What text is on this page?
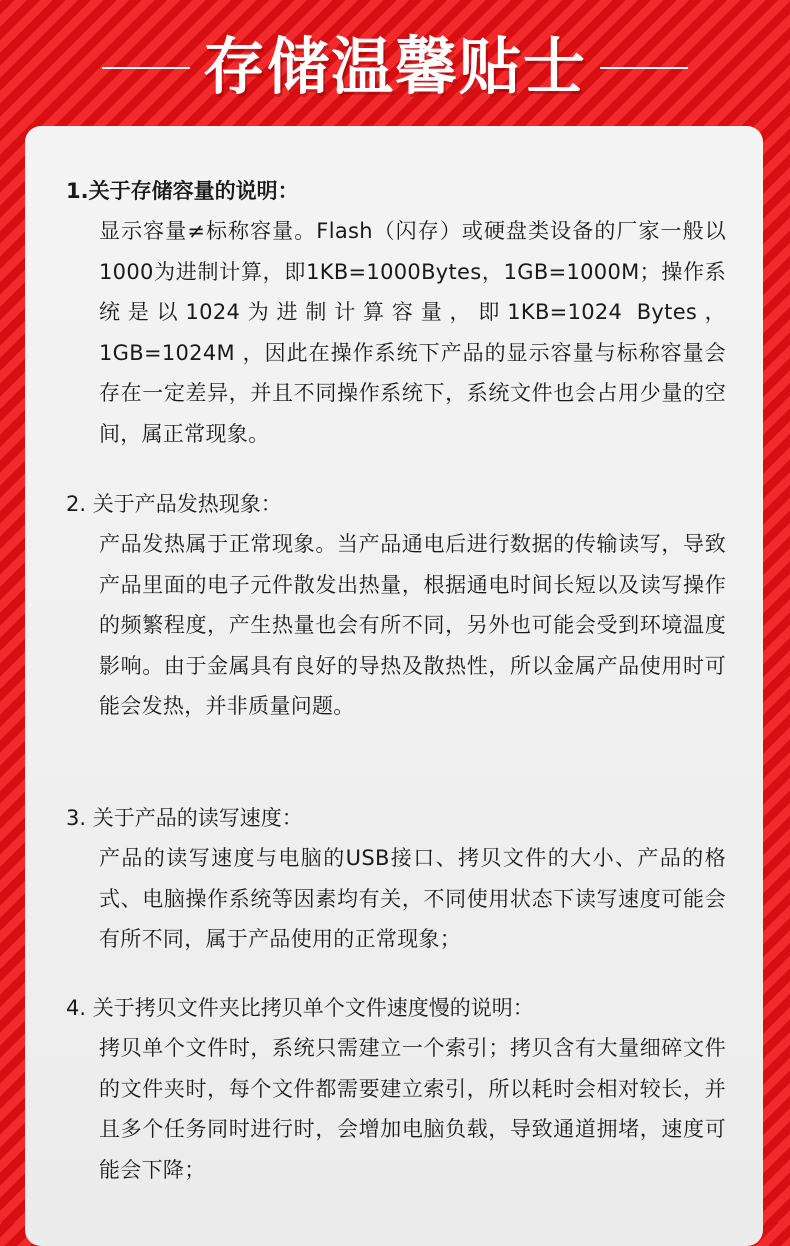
存储温馨贴士
1.关于存储容量的说明：
显示容量≠标称容量。Flash（闪存）或硬盘类设备的厂家一般以1000为进制计算，即1KB=1000Bytes，1GB=1000M；操作系统是以1024为进制计算容量，即1KB=1024 Bytes，1GB=1024M ，因此在操作系统下产品的显示容量与标称容量会存在一定差异，并且不同操作系统下，系统文件也会占用少量的空间，属正常现象。
2. 关于产品发热现象：
产品发热属于正常现象。当产品通电后进行数据的传输读写，导致产品里面的电子元件散发出热量，根据通电时间长短以及读写操作的频繁程度，产生热量也会有所不同，另外也可能会受到环境温度影响。由于金属具有良好的导热及散热性，所以金属产品使用时可能会发热，并非质量问题。
3. 关于产品的读写速度：
产品的读写速度与电脑的USB接口、拷贝文件的大小、产品的格式、电脑操作系统等因素均有关，不同使用状态下读写速度可能会有所不同，属于产品使用的正常现象；
4. 关于拷贝文件夹比拷贝单个文件速度慢的说明：
拷贝单个文件时，系统只需建立一个索引；拷贝含有大量细碎文件的文件夹时，每个文件都需要建立索引，所以耗时会相对较长，并且多个任务同时进行时，会增加电脑负载，导致通道拥堵，速度可能会下降；
